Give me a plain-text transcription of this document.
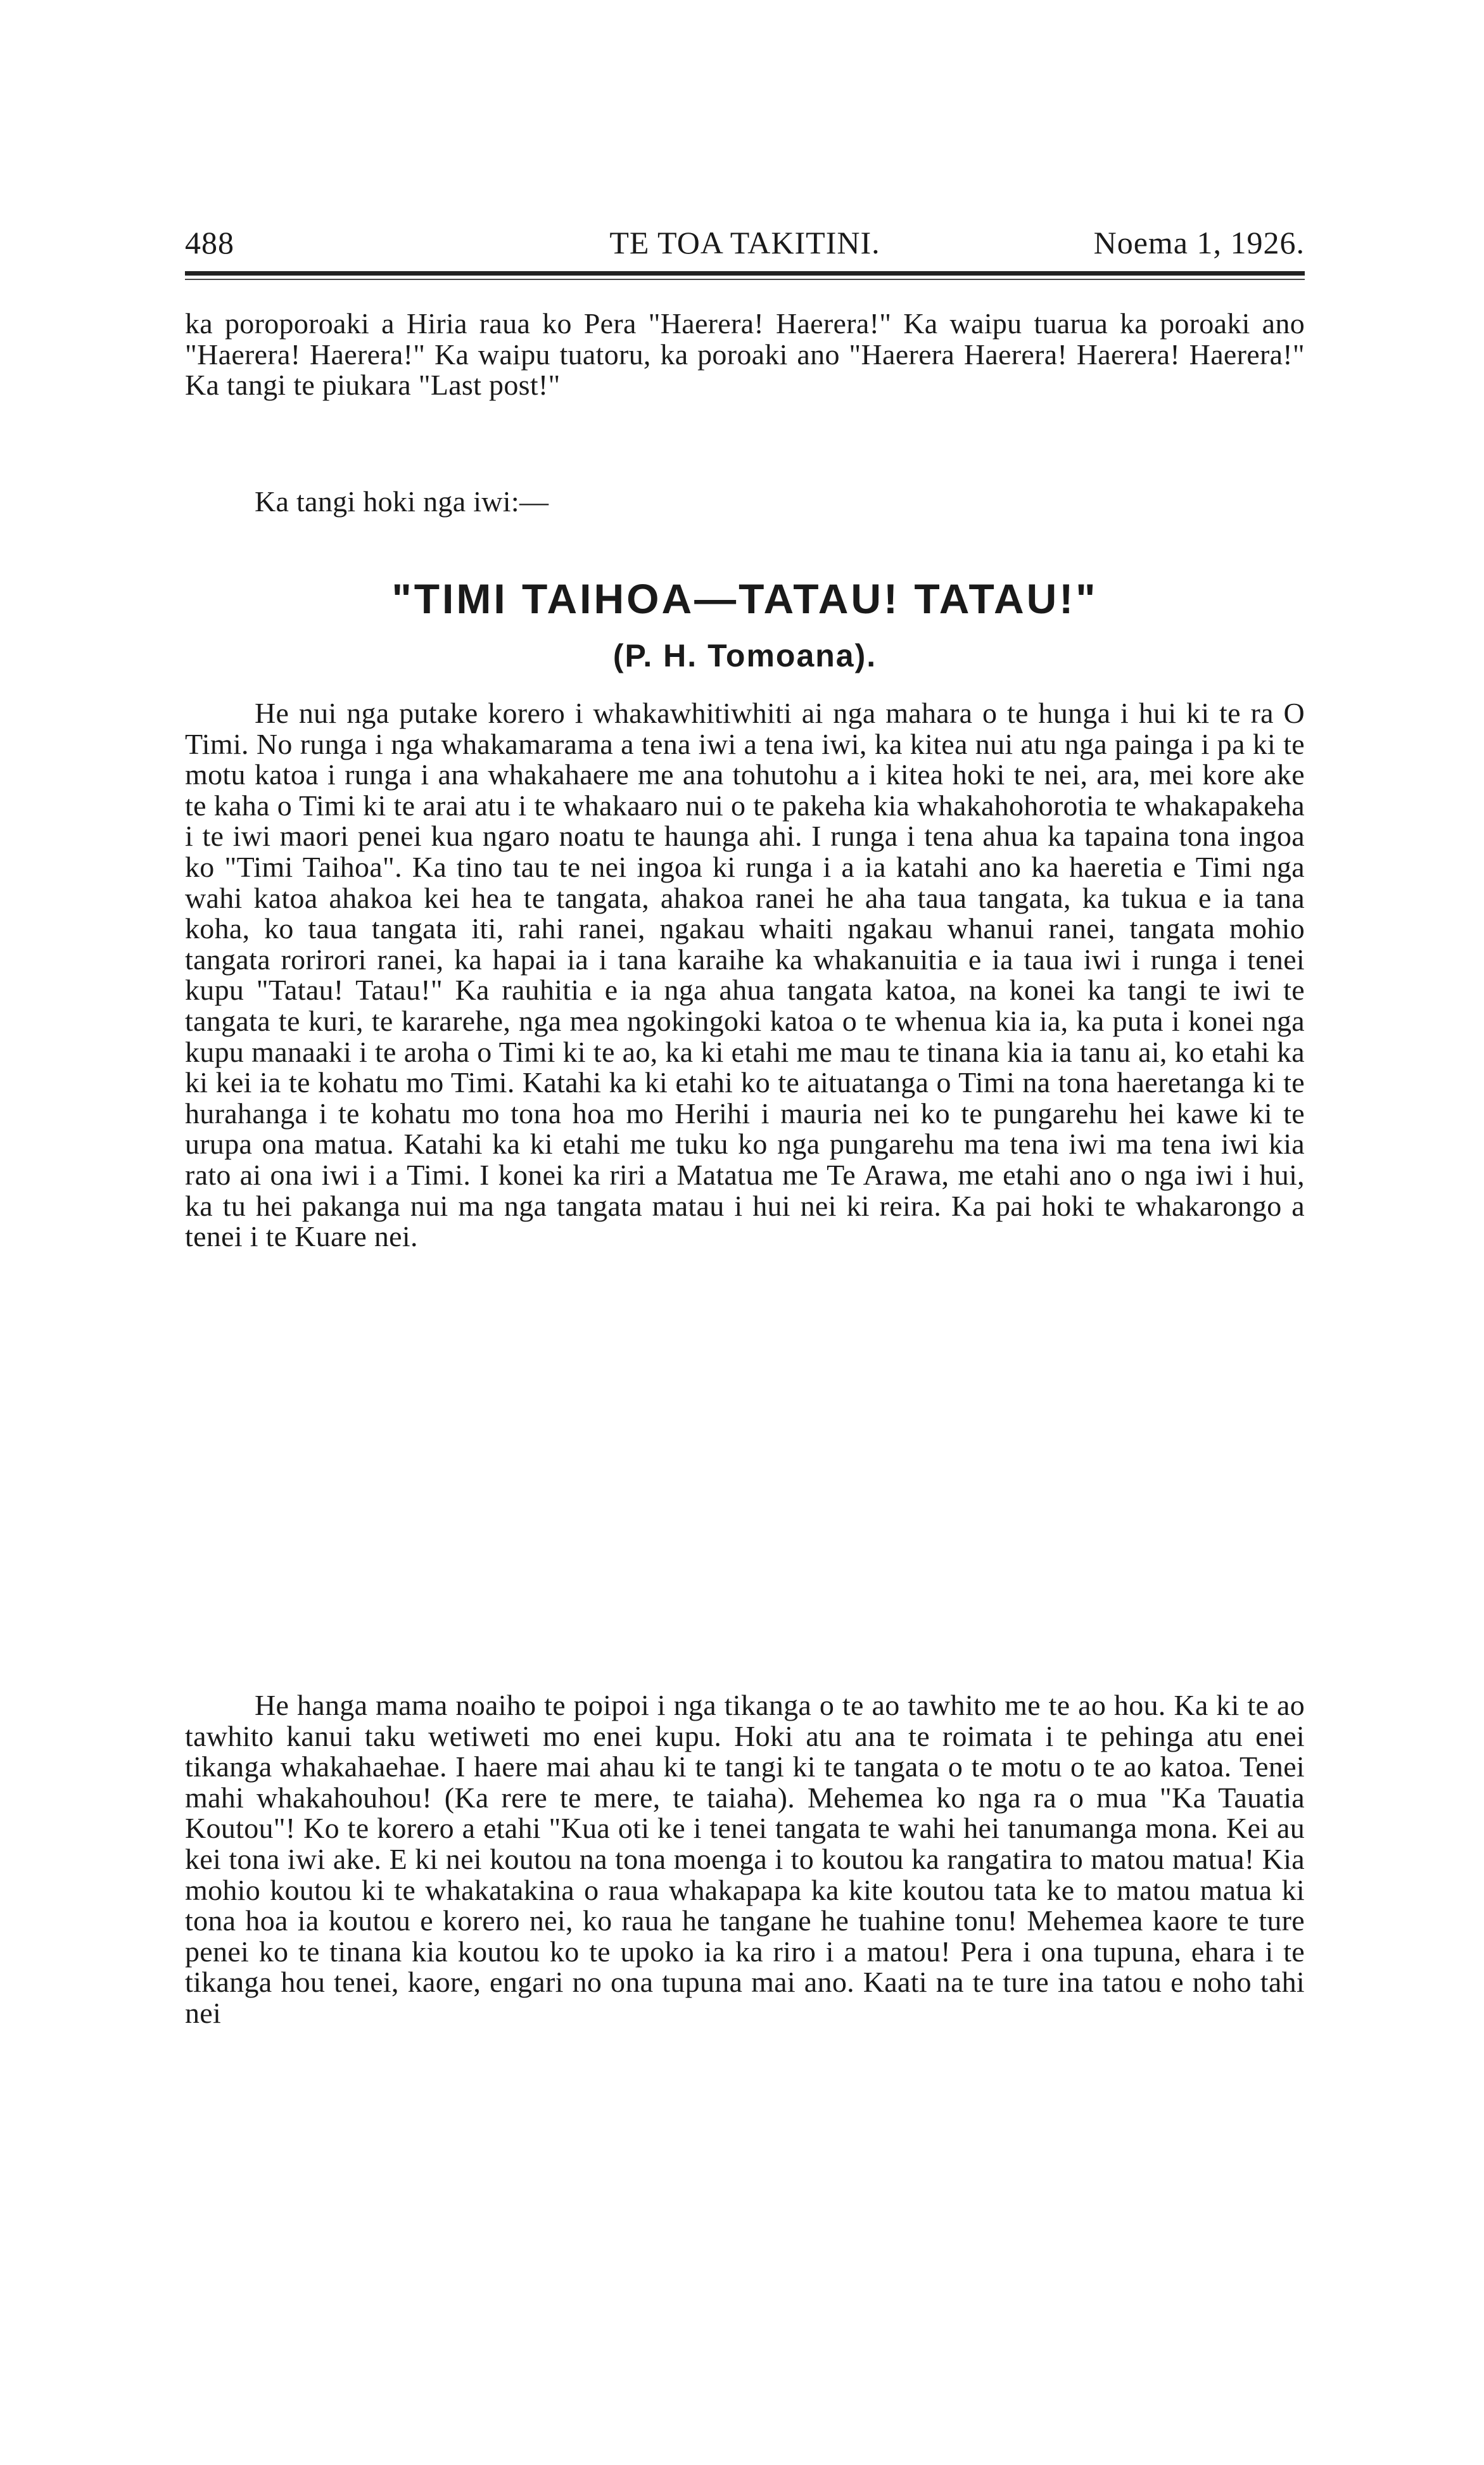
488	TE TOA TAKITINI.	Noema 1, 1926.

ka poroporoaki a Hiria raua ko Pera "Haerera! Haerera!" Ka waipu tuarua ka poroaki ano "Haerera! Haerera!" Ka waipu tuatoru, ka poroaki ano "Haerera Haerera! Haerera! Haerera!" Ka tangi te piukara "Last post!"

Ka tangi hoki nga iwi:—

"TIMI TAIHOA—TATAU! TATAU!"
(P. H. Tomoana).

He nui nga putake korero i whakawhitiwhiti ai nga mahara o te hunga i hui ki te ra O Timi. No runga i nga whakamarama a tena iwi a tena iwi, ka kitea nui atu nga painga i pa ki te motu katoa i runga i ana whakahaere me ana tohutohu a i kitea hoki te nei, ara, mei kore ake te kaha o Timi ki te arai atu i te whakaaro nui o te pakeha kia whakahohorotia te whakapakeha i te iwi maori penei kua ngaro noatu te haunga ahi. I runga i tena ahua ka tapaina tona ingoa ko "Timi Taihoa". Ka tino tau te nei ingoa ki runga i a ia katahi ano ka haeretia e Timi nga wahi katoa ahakoa kei hea te tangata, ahakoa ranei he aha taua tangata, ka tukua e ia tana koha, ko taua tangata iti, rahi ranei, ngakau whaiti ngakau whanui ranei, tangata mohio tangata rorirori ranei, ka hapai ia i tana karaihe ka whakanuitia e ia taua iwi i runga i tenei kupu "Tatau! Tatau!" Ka rauhitia e ia nga ahua tangata katoa, na konei ka tangi te iwi te tangata te kuri, te kararehe, nga mea ngokingoki katoa o te whenua kia ia, ka puta i konei nga kupu manaaki i te aroha o Timi ki te ao, ka ki etahi me mau te tinana kia ia tanu ai, ko etahi ka ki kei ia te kohatu mo Timi. Katahi ka ki etahi ko te aituatanga o Timi na tona haeretanga ki te hurahanga i te kohatu mo tona hoa mo Herihi i mauria nei ko te pungarehu hei kawe ki te urupa ona matua. Katahi ka ki etahi me tuku ko nga pungarehu ma tena iwi ma tena iwi kia rato ai ona iwi i a Timi. I konei ka riri a Matatua me Te Arawa, me etahi ano o nga iwi i hui, ka tu hei pakanga nui ma nga tangata matau i hui nei ki reira. Ka pai hoki te whakarongo a tenei i te Kuare nei.

He hanga mama noaiho te poipoi i nga tikanga o te ao tawhito me te ao hou. Ka ki te ao tawhito kanui taku wetiweti mo enei kupu. Hoki atu ana te roimata i te pehinga atu enei tikanga whakahaehae. I haere mai ahau ki te tangi ki te tangata o te motu o te ao katoa. Tenei mahi whakahouhou! (Ka rere te mere, te taiaha). Mehemea ko nga ra o mua "Ka Tauatia Koutou"! Ko te korero a etahi "Kua oti ke i tenei tangata te wahi hei tanumanga mona. Kei au kei tona iwi ake. E ki nei koutou na tona moenga i to koutou ka rangatira to matou matua! Kia mohio koutou ki te whakatakina o raua whakapapa ka kite koutou tata ke to matou matua ki tona hoa ia koutou e korero nei, ko raua he tangane he tuahine tonu! Mehemea kaore te ture penei ko te tinana kia koutou ko te upoko ia ka riro i a matou! Pera i ona tupuna, ehara i te tikanga hou tenei, kaore, engari no ona tupuna mai ano. Kaati na te ture ina tatou e noho tahi nei
